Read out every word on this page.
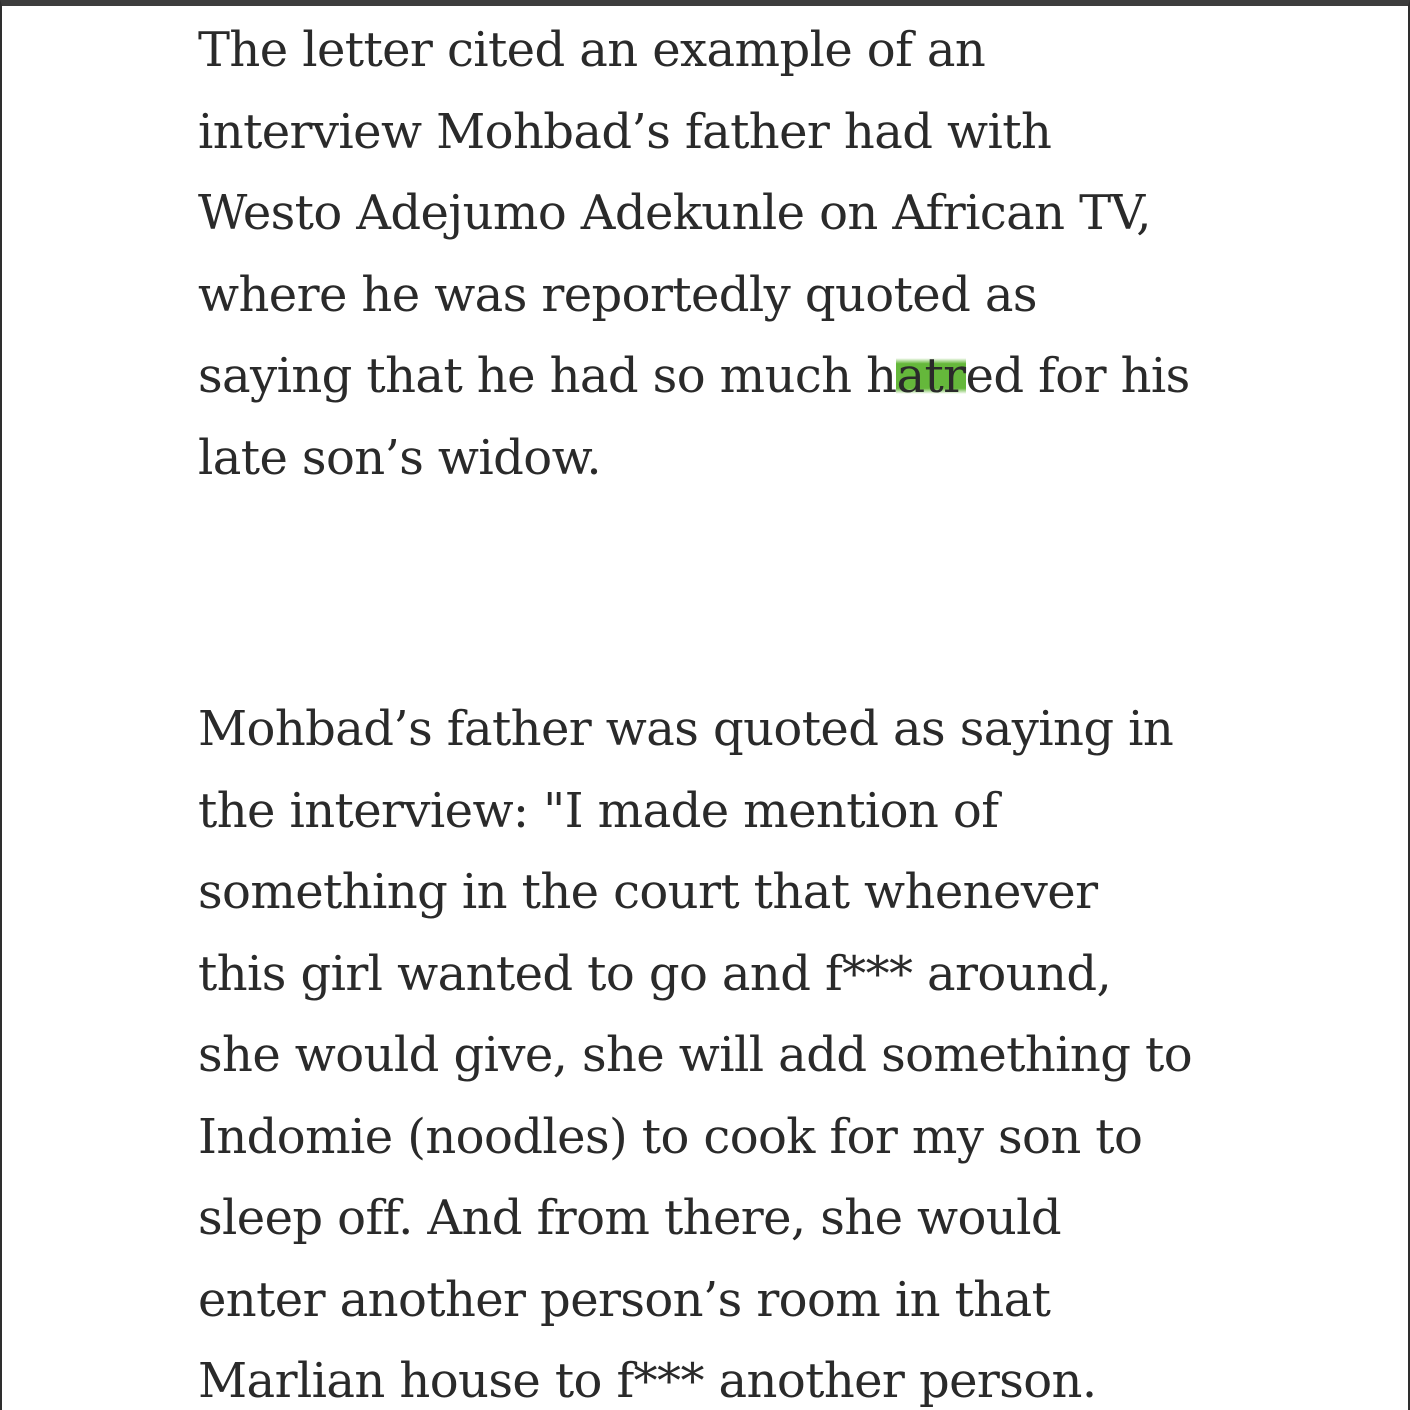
The letter cited an example of an
interview Mohbad’s father had with
Westo Adejumo Adekunle on African TV,
where he was reportedly quoted as
saying that he had so much hatred for his
late son’s widow.

Mohbad’s father was quoted as saying in
the interview: "I made mention of
something in the court that whenever
this girl wanted to go and f*** around,
she would give, she will add something to
Indomie (noodles) to cook for my son to
sleep off. And from there, she would
enter another person’s room in that
Marlian house to f*** another person.
